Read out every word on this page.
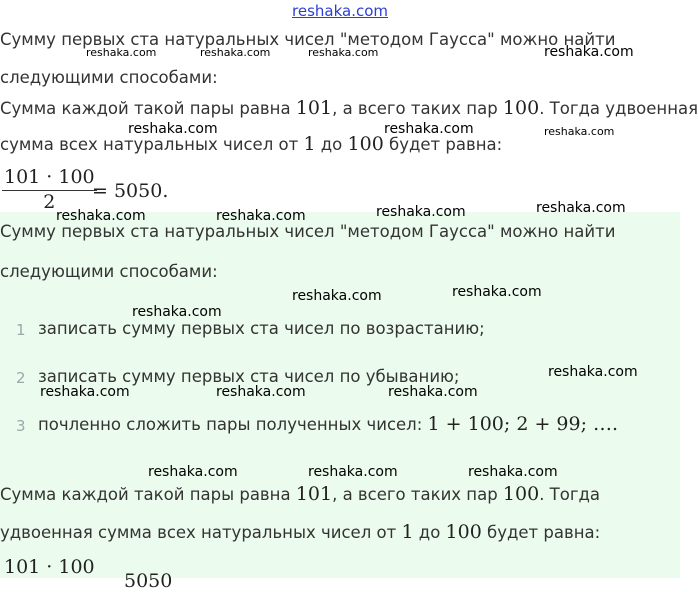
reshaka.com
Сумму первых ста натуральных чисел "методом Гаусса" можно найти
следующими способами:
Сумма каждой такой пары равна 101, а всего таких пар 100. Тогда удвоенная
сумма всех натуральных чисел от 1 до 100 будет равна:
101 · 100
2	= 5050.
Сумму первых ста натуральных чисел "методом Гаусса" можно найти
следующими способами:
1 записать сумму первых ста чисел по возрастанию;
2 записать сумму первых ста чисел по убыванию;
3 почленно сложить пары полученных чисел: 1 + 100; 2 + 99; ….
Сумма каждой такой пары равна 101, а всего таких пар 100. Тогда
удвоенная сумма всех натуральных чисел от 1 до 100 будет равна:
101 · 100
5050
reshaka.com	reshaka.com	reshaka.com	reshaka.com
reshaka.com	reshaka.com	reshaka.com
reshaka.com	reshaka.com	reshaka.com	reshaka.com
reshaka.com	reshaka.com
reshaka.com
reshaka.com
reshaka.com	reshaka.com	reshaka.com
reshaka.com	reshaka.com	reshaka.com
